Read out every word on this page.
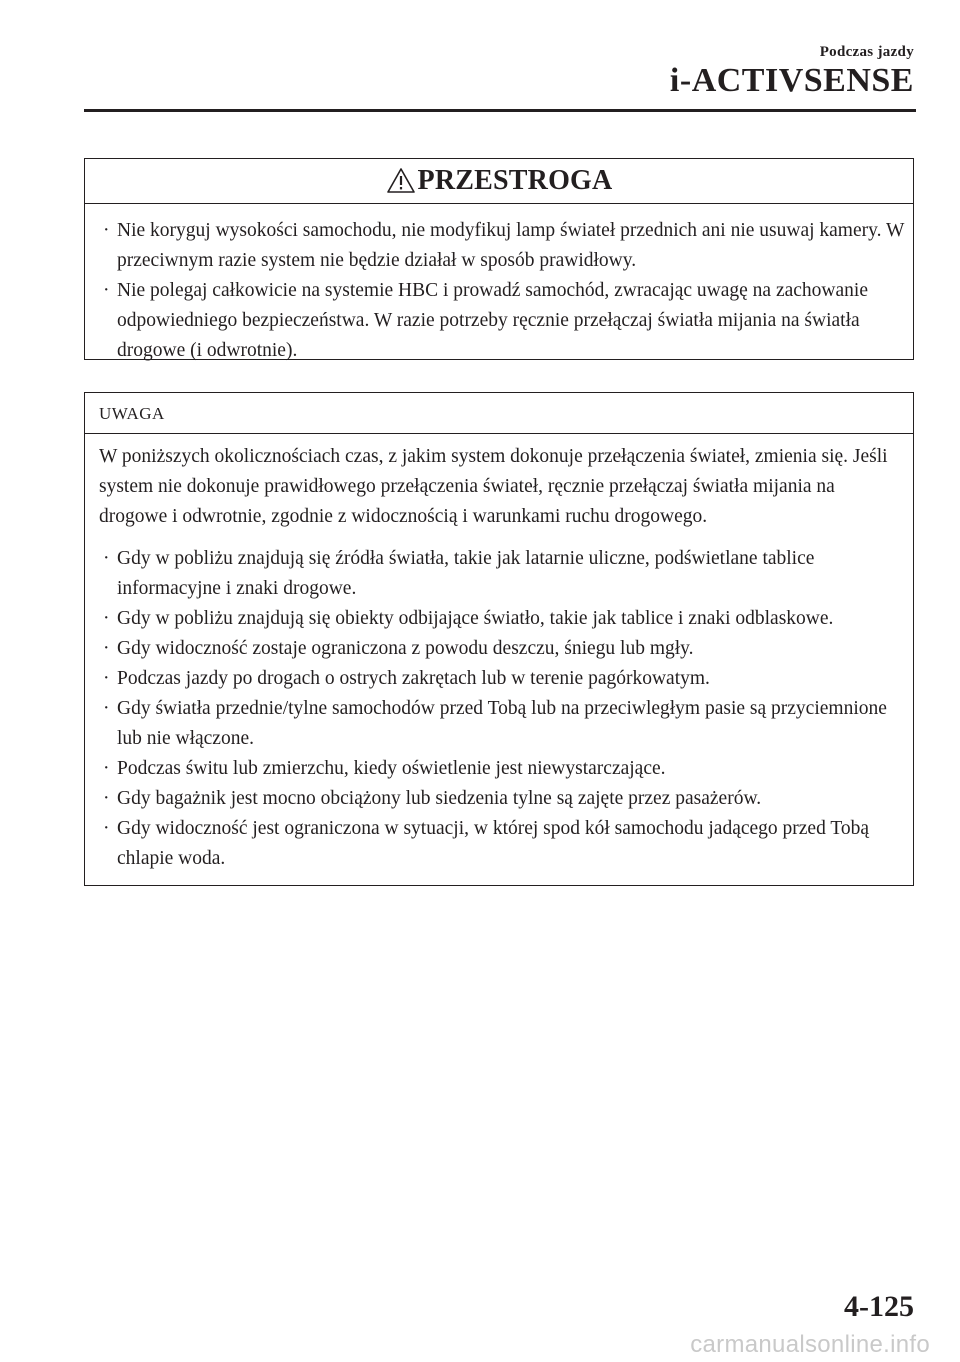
Podczas jazdy
i-ACTIVSENSE
PRZESTROGA
· Nie koryguj wysokości samochodu, nie modyfikuj lamp świateł przednich ani nie usuwaj kamery. W przeciwnym razie system nie będzie działał w sposób prawidłowy.
· Nie polegaj całkowicie na systemie HBC i prowadź samochód, zwracając uwagę na zachowanie odpowiedniego bezpieczeństwa. W razie potrzeby ręcznie przełączaj światła mijania na światła drogowe (i odwrotnie).
UWAGA

W poniższych okolicznościach czas, z jakim system dokonuje przełączenia świateł, zmienia się. Jeśli system nie dokonuje prawidłowego przełączenia świateł, ręcznie przełączaj światła mijania na drogowe i odwrotnie, zgodnie z widocznością i warunkami ruchu drogowego.

· Gdy w pobliżu znajdują się źródła światła, takie jak latarnie uliczne, podświetlane tablice informacyjne i znaki drogowe.
· Gdy w pobliżu znajdują się obiekty odbijające światło, takie jak tablice i znaki odblaskowe.
· Gdy widoczność zostaje ograniczona z powodu deszczu, śniegu lub mgły.
· Podczas jazdy po drogach o ostrych zakrętach lub w terenie pagórkowatym.
· Gdy światła przednie/tylne samochodów przed Tobą lub na przeciwległym pasie są przyciemnione lub nie włączone.
· Podczas świtu lub zmierzchu, kiedy oświetlenie jest niewystarczające.
· Gdy bagażnik jest mocno obciążony lub siedzenia tylne są zajęte przez pasażerów.
· Gdy widoczność jest ograniczona w sytuacji, w której spod kół samochodu jadącego przed Tobą chlapie woda.
4-125
carmanualsonline.info
